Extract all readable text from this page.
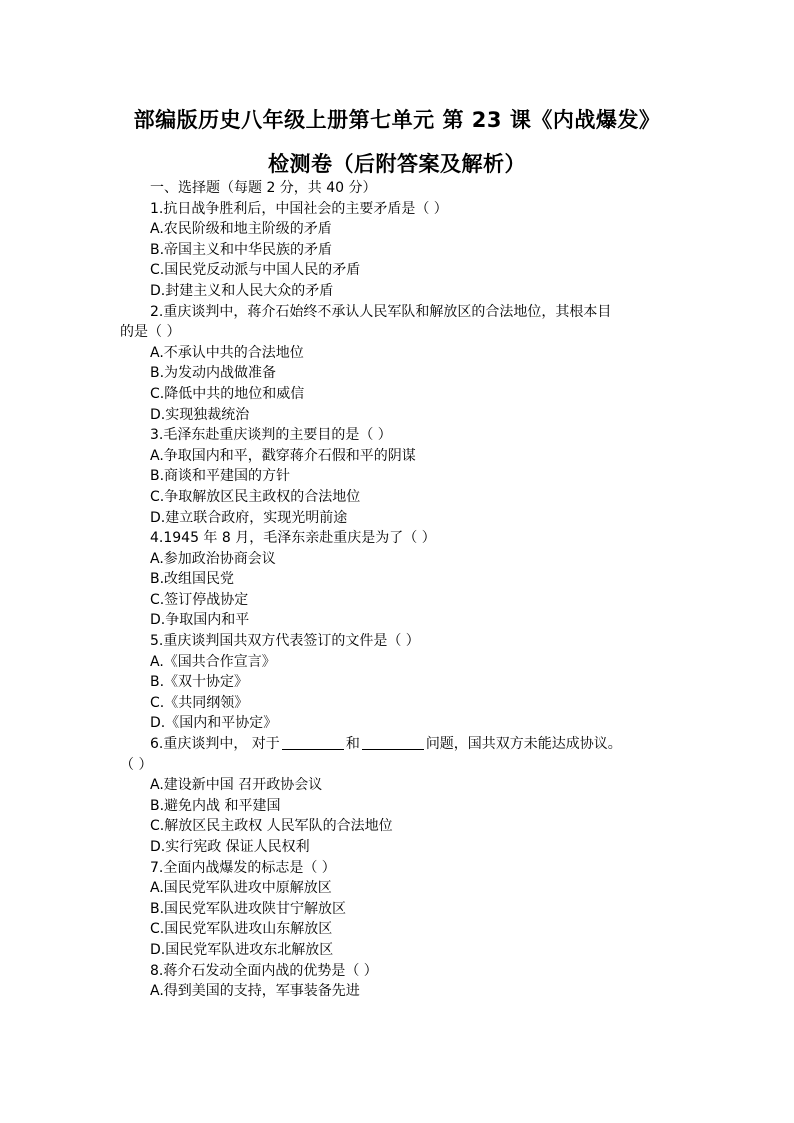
部编版历史八年级上册第七单元 第 23 课《内战爆发》
检测卷（后附答案及解析）
一、选择题（每题 2 分，共 40 分）
1.抗日战争胜利后，中国社会的主要矛盾是（ ）
A.农民阶级和地主阶级的矛盾
B.帝国主义和中华民族的矛盾
C.国民党反动派与中国人民的矛盾
D.封建主义和人民大众的矛盾
2.重庆谈判中，蒋介石始终不承认人民军队和解放区的合法地位，其根本目
的是（ ）
A.不承认中共的合法地位
B.为发动内战做准备
C.降低中共的地位和威信
D.实现独裁统治
3.毛泽东赴重庆谈判的主要目的是（ ）
A.争取国内和平，戳穿蒋介石假和平的阴谋
B.商谈和平建国的方针
C.争取解放区民主政权的合法地位
D.建立联合政府，实现光明前途
4.1945 年 8 月，毛泽东亲赴重庆是为了（ ）
A.参加政治协商会议
B.改组国民党
C.签订停战协定
D.争取国内和平
5.重庆谈判国共双方代表签订的文件是（ ）
A.《国共合作宣言》
B.《双十协定》
C.《共同纲领》
D.《国内和平协定》
6.重庆谈判中， 对于	和	问题，国共双方未能达成协议。
（ ）
A.建设新中国 召开政协会议
B.避免内战 和平建国
C.解放区民主政权 人民军队的合法地位
D.实行宪政 保证人民权利
7.全面内战爆发的标志是（ ）
A.国民党军队进攻中原解放区
B.国民党军队进攻陕甘宁解放区
C.国民党军队进攻山东解放区
D.国民党军队进攻东北解放区
8.蒋介石发动全面内战的优势是（ ）
A.得到美国的支持，军事装备先进
